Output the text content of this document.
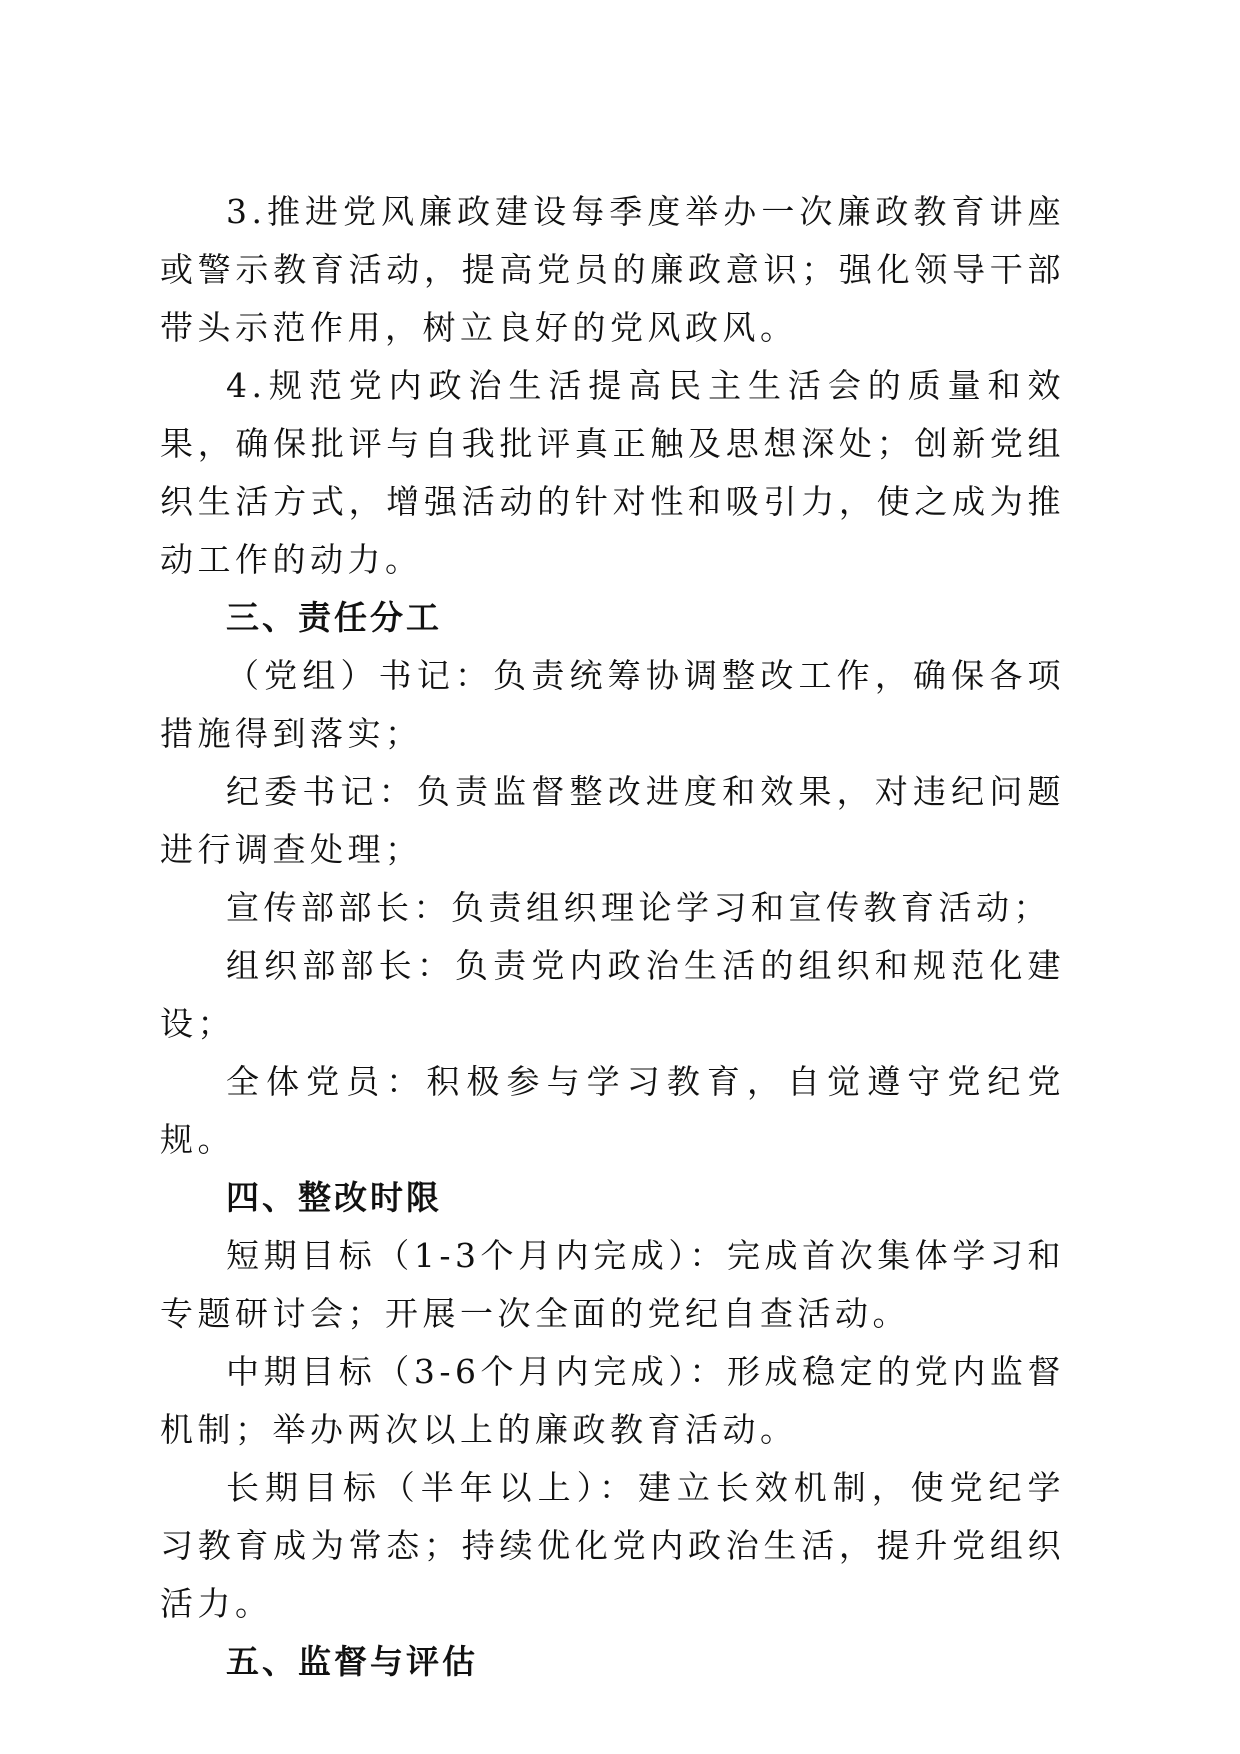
3.推进党风廉政建设每季度举办一次廉政教育讲座或警示教育活动，提高党员的廉政意识；强化领导干部带头示范作用，树立良好的党风政风。

4.规范党内政治生活提高民主生活会的质量和效果，确保批评与自我批评真正触及思想深处；创新党组织生活方式，增强活动的针对性和吸引力，使之成为推动工作的动力。

三、责任分工

（党组）书记：负责统筹协调整改工作，确保各项措施得到落实；

纪委书记：负责监督整改进度和效果，对违纪问题进行调查处理；

宣传部部长：负责组织理论学习和宣传教育活动；

组织部部长：负责党内政治生活的组织和规范化建设；

全体党员：积极参与学习教育，自觉遵守党纪党规。

四、整改时限

短期目标（1-3个月内完成）：完成首次集体学习和专题研讨会；开展一次全面的党纪自查活动。

中期目标（3-6个月内完成）：形成稳定的党内监督机制；举办两次以上的廉政教育活动。

长期目标（半年以上）：建立长效机制，使党纪学习教育成为常态；持续优化党内政治生活，提升党组织活力。

五、监督与评估
